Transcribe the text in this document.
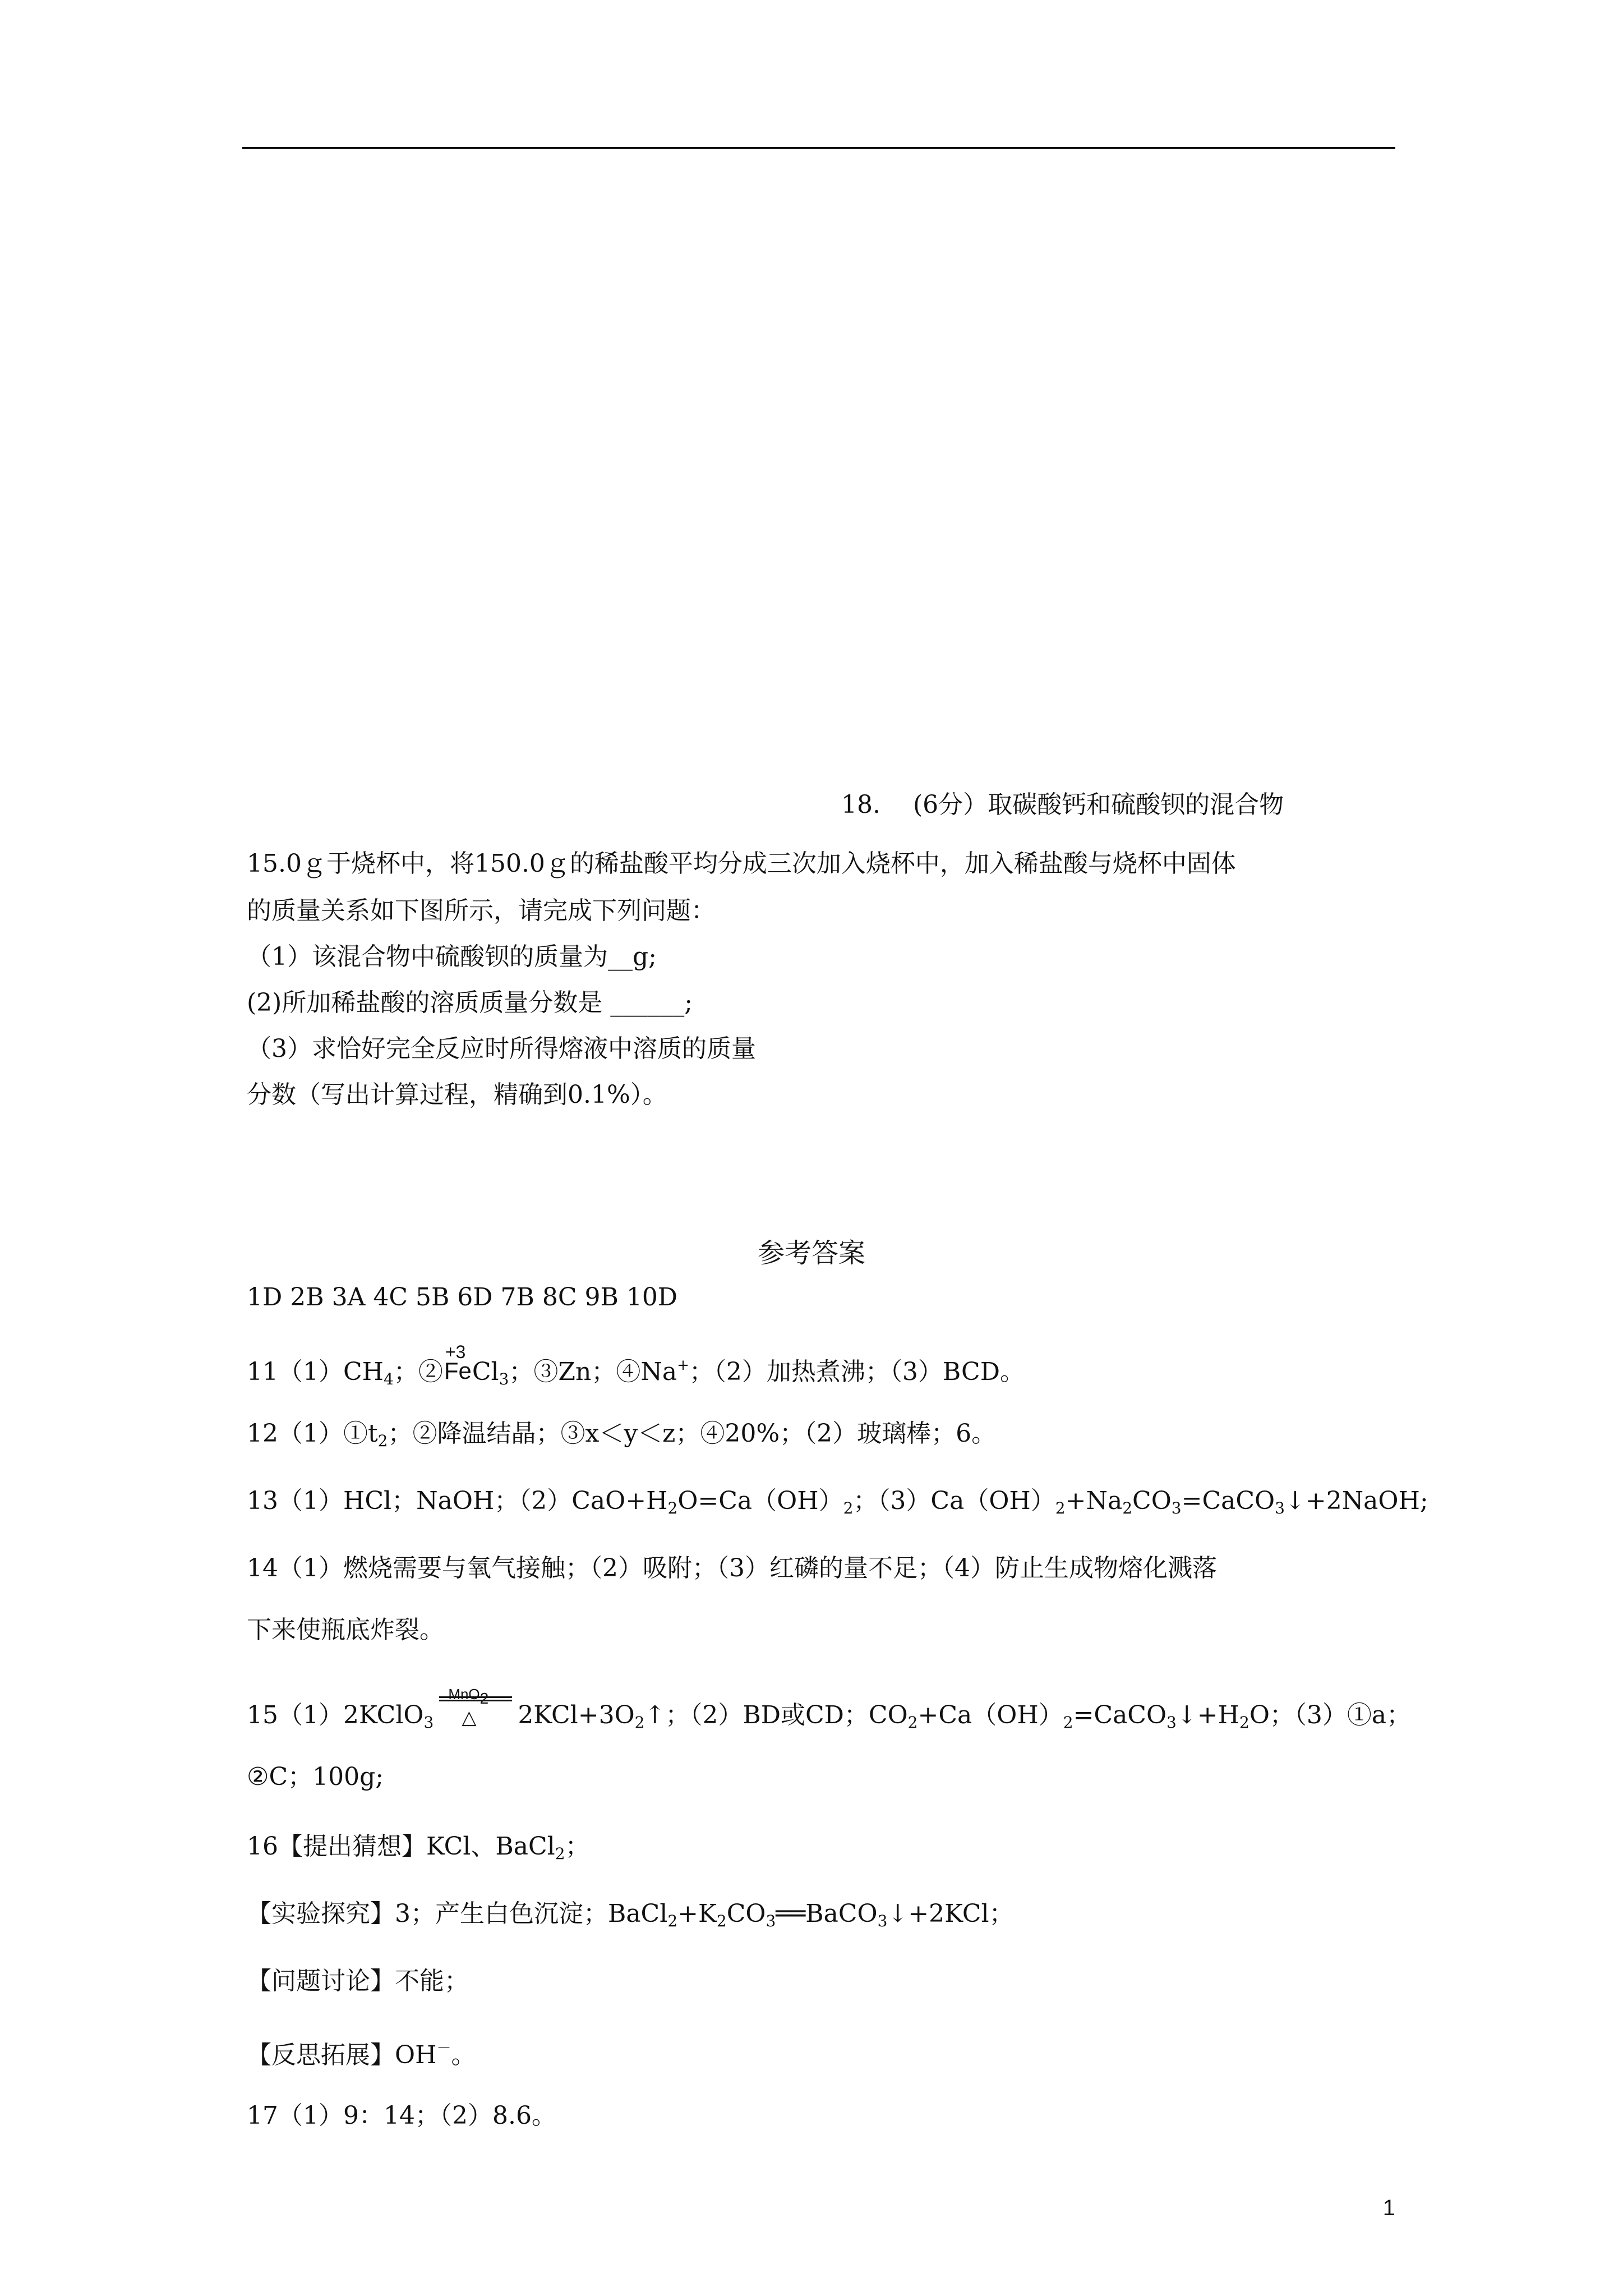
18.　 (6分）取碳酸钙和硫酸钡的混合物
15.0ｇ于烧杯中，将150.0ｇ的稀盐酸平均分成三次加入烧杯中，加入稀盐酸与烧杯中固体
的质量关系如下图所示，请完成下列问题：
（1）该混合物中硫酸钡的质量为__g;
(2)所加稀盐酸的溶质质量分数是 ______;
（3）求恰好完全反应时所得熔液中溶质的质量
分数（写出计算过程，精确到0.1%）。
参考答案
1D 2B 3A 4C 5B 6D 7B 8C 9B 10D
$11(1)CH_4$；②
+3
Fe $Cl_3$；③Zn；④Na+；（2）加热煮沸；（3）BCD。
$12(1)①t_2$；②降温结晶；③x＜y＜z；④20%；（2）玻璃棒；6。
13（1）HCl；NaOH；$(2)CaO+H_2O=Ca(OH)_2$；$(3)Ca(OH)_2+Na_2CO_3=CaCO_3↓+2NaOH$;
14（1）燃烧需要与氧气接触；（2）吸附；（3）红磷的量不足；（4）防止生成物熔化溅落
下来使瓶底炸裂。
15（1）2KClO$_3$
MnO$_2$
△ $2KCl+3O_2↑$；（2）BD或CD；$CO_2+Ca(OH)_2=CaCO_3↓+H_2O$；（3）①a；
②C；100g;
16【提出猜想】KCl、BaCl$_2$；
【实验探究】3；产生白色沉淀；$BaCl_2+K_2CO_3══BaCO_3↓+2KCl$；
【问题讨论】不能；
【反思拓展】OH－。
17（1）9：14；（2）8.6。
1
